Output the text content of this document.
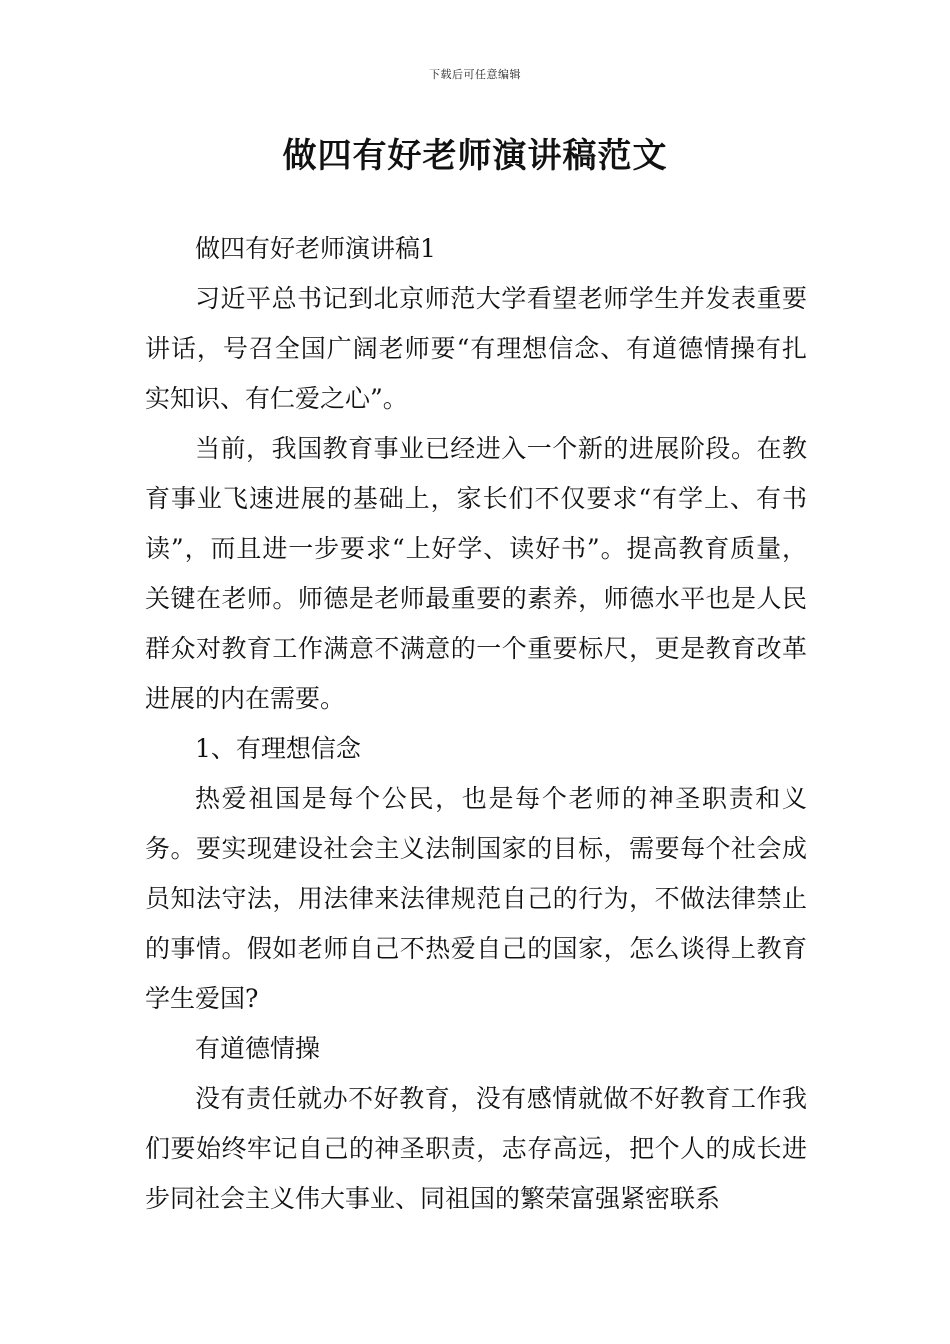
下载后可任意编辑
做四有好老师演讲稿范文

做四有好老师演讲稿1

习近平总书记到北京师范大学看望老师学生并发表重要讲话，号召全国广阔老师要“有理想信念、有道德情操有扎实知识、有仁爱之心”。

当前，我国教育事业已经进入一个新的进展阶段。在教育事业飞速进展的基础上，家长们不仅要求“有学上、有书读”，而且进一步要求“上好学、读好书”。提高教育质量，关键在老师。师德是老师最重要的素养，师德水平也是人民群众对教育工作满意不满意的一个重要标尺，更是教育改革进展的内在需要。

1、有理想信念

热爱祖国是每个公民，也是每个老师的神圣职责和义务。要实现建设社会主义法制国家的目标，需要每个社会成员知法守法，用法律来法律规范自己的行为，不做法律禁止的事情。假如老师自己不热爱自己的国家，怎么谈得上教育学生爱国?

有道德情操

没有责任就办不好教育，没有感情就做不好教育工作我们要始终牢记自己的神圣职责，志存高远，把个人的成长进步同社会主义伟大事业、同祖国的繁荣富强紧密联系
